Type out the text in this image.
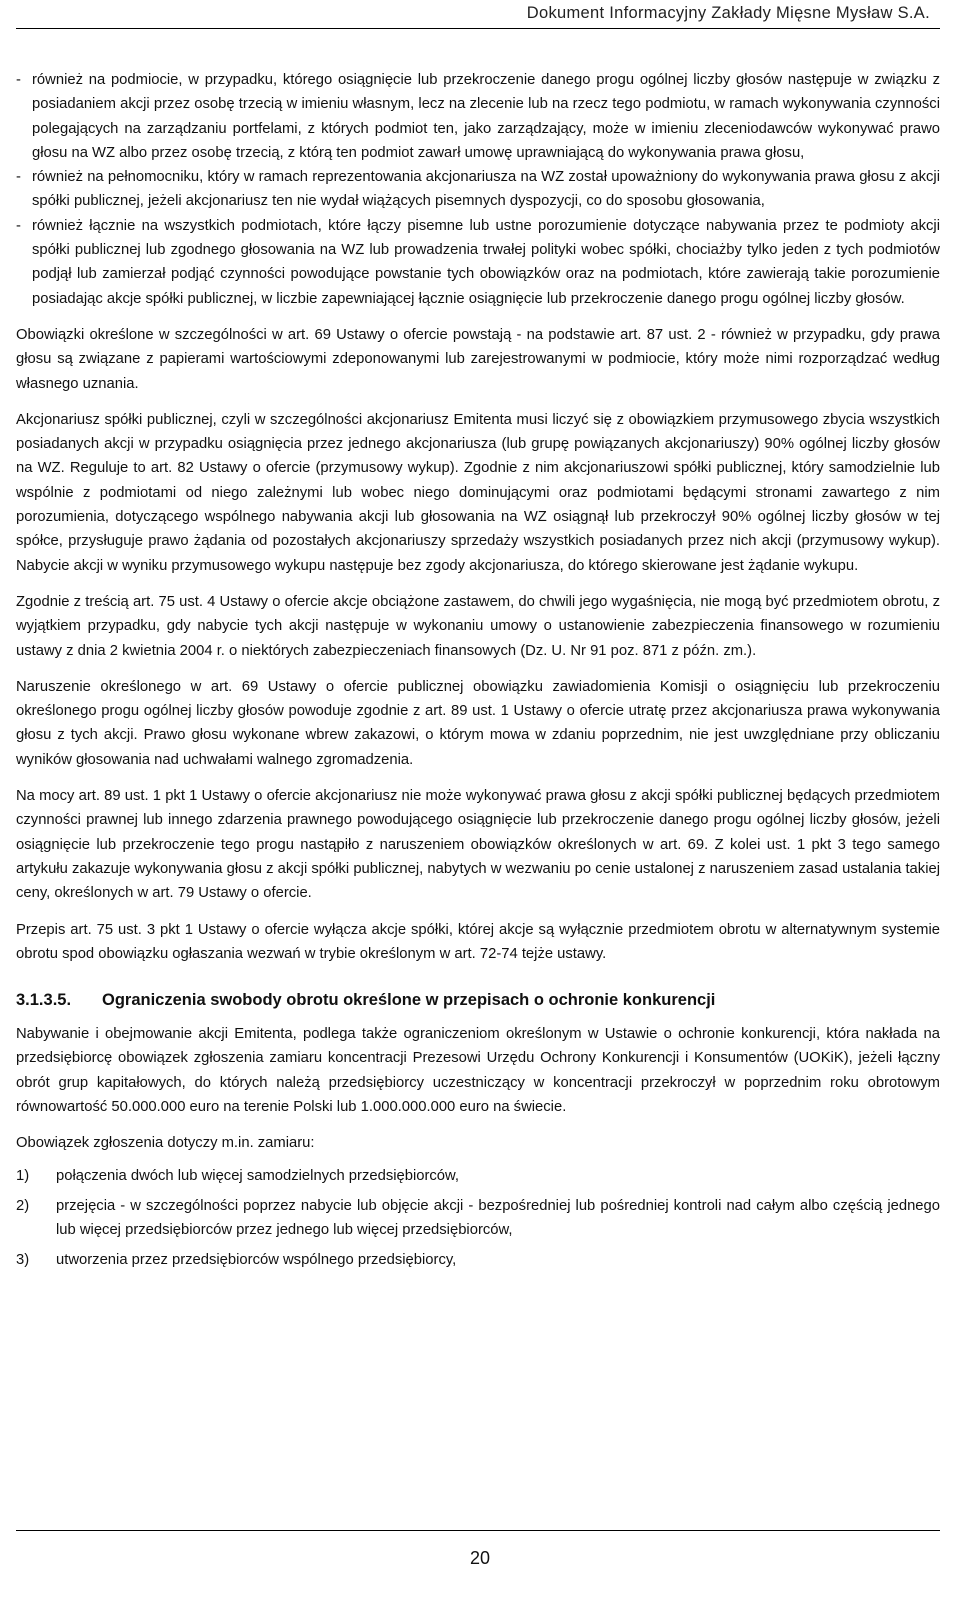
Dokument Informacyjny Zakłady Mięsne Mysław S.A.
- również na podmiocie, w przypadku, którego osiągnięcie lub przekroczenie danego progu ogólnej liczby głosów następuje w związku z posiadaniem akcji przez osobę trzecią w imieniu własnym, lecz na zlecenie lub na rzecz tego podmiotu, w ramach wykonywania czynności polegających na zarządzaniu portfelami, z których podmiot ten, jako zarządzający, może w imieniu zleceniodawców wykonywać prawo głosu na WZ albo przez osobę trzecią, z którą ten podmiot zawarł umowę uprawniającą do wykonywania prawa głosu,
- również na pełnomocniku, który w ramach reprezentowania akcjonariusza na WZ został upoważniony do wykonywania prawa głosu z akcji spółki publicznej, jeżeli akcjonariusz ten nie wydał wiążących pisemnych dyspozycji, co do sposobu głosowania,
- również łącznie na wszystkich podmiotach, które łączy pisemne lub ustne porozumienie dotyczące nabywania przez te podmioty akcji spółki publicznej lub zgodnego głosowania na WZ lub prowadzenia trwałej polityki wobec spółki, chociażby tylko jeden z tych podmiotów podjął lub zamierzał podjąć czynności powodujące powstanie tych obowiązków oraz na podmiotach, które zawierają takie porozumienie posiadając akcje spółki publicznej, w liczbie zapewniającej łącznie osiągnięcie lub przekroczenie danego progu ogólnej liczby głosów.

Obowiązki określone w szczególności w art. 69 Ustawy o ofercie powstają - na podstawie art. 87 ust. 2 - również w przypadku, gdy prawa głosu są związane z papierami wartościowymi zdeponowanymi lub zarejestrowanymi w podmiocie, który może nimi rozporządzać według własnego uznania.

Akcjonariusz spółki publicznej, czyli w szczególności akcjonariusz Emitenta musi liczyć się z obowiązkiem przymusowego zbycia wszystkich posiadanych akcji w przypadku osiągnięcia przez jednego akcjonariusza (lub grupę powiązanych akcjonariuszy) 90% ogólnej liczby głosów na WZ. Reguluje to art. 82 Ustawy o ofercie (przymusowy wykup). Zgodnie z nim akcjonariuszowi spółki publicznej, który samodzielnie lub wspólnie z podmiotami od niego zależnymi lub wobec niego dominującymi oraz podmiotami będącymi stronami zawartego z nim porozumienia, dotyczącego wspólnego nabywania akcji lub głosowania na WZ osiągnął lub przekroczył 90% ogólnej liczby głosów w tej spółce, przysługuje prawo żądania od pozostałych akcjonariuszy sprzedaży wszystkich posiadanych przez nich akcji (przymusowy wykup). Nabycie akcji w wyniku przymusowego wykupu następuje bez zgody akcjonariusza, do którego skierowane jest żądanie wykupu.

Zgodnie z treścią art. 75 ust. 4 Ustawy o ofercie akcje obciążone zastawem, do chwili jego wygaśnięcia, nie mogą być przedmiotem obrotu, z wyjątkiem przypadku, gdy nabycie tych akcji następuje w wykonaniu umowy o ustanowienie zabezpieczenia finansowego w rozumieniu ustawy z dnia 2 kwietnia 2004 r. o niektórych zabezpieczeniach finansowych (Dz. U. Nr 91 poz. 871 z późn. zm.).

Naruszenie określonego w art. 69 Ustawy o ofercie publicznej obowiązku zawiadomienia Komisji o osiągnięciu lub przekroczeniu określonego progu ogólnej liczby głosów powoduje zgodnie z art. 89 ust. 1 Ustawy o ofercie utratę przez akcjonariusza prawa wykonywania głosu z tych akcji. Prawo głosu wykonane wbrew zakazowi, o którym mowa w zdaniu poprzednim, nie jest uwzględniane przy obliczaniu wyników głosowania nad uchwałami walnego zgromadzenia.

Na mocy art. 89 ust. 1 pkt 1 Ustawy o ofercie akcjonariusz nie może wykonywać prawa głosu z akcji spółki publicznej będących przedmiotem czynności prawnej lub innego zdarzenia prawnego powodującego osiągnięcie lub przekroczenie danego progu ogólnej liczby głosów, jeżeli osiągnięcie lub przekroczenie tego progu nastąpiło z naruszeniem obowiązków określonych w art. 69. Z kolei ust. 1 pkt 3 tego samego artykułu zakazuje wykonywania głosu z akcji spółki publicznej, nabytych w wezwaniu po cenie ustalonej z naruszeniem zasad ustalania takiej ceny, określonych w art. 79 Ustawy o ofercie.

Przepis art. 75 ust. 3 pkt 1 Ustawy o ofercie wyłącza akcje spółki, której akcje są wyłącznie przedmiotem obrotu w alternatywnym systemie obrotu spod obowiązku ogłaszania wezwań w trybie określonym w art. 72-74 tejże ustawy.

3.1.3.5.	Ograniczenia swobody obrotu określone w przepisach o ochronie konkurencji

Nabywanie i obejmowanie akcji Emitenta, podlega także ograniczeniom określonym w Ustawie o ochronie konkurencji, która nakłada na przedsiębiorcę obowiązek zgłoszenia zamiaru koncentracji Prezesowi Urzędu Ochrony Konkurencji i Konsumentów (UOKiK), jeżeli łączny obrót grup kapitałowych, do których należą przedsiębiorcy uczestniczący w koncentracji przekroczył w poprzednim roku obrotowym równowartość 50.000.000 euro na terenie Polski lub 1.000.000.000 euro na świecie.

Obowiązek zgłoszenia dotyczy m.in. zamiaru:

1) połączenia dwóch lub więcej samodzielnych przedsiębiorców,
2) przejęcia - w szczególności poprzez nabycie lub objęcie akcji - bezpośredniej lub pośredniej kontroli nad całym albo częścią jednego lub więcej przedsiębiorców przez jednego lub więcej przedsiębiorców,
3) utworzenia przez przedsiębiorców wspólnego przedsiębiorcy,
20
